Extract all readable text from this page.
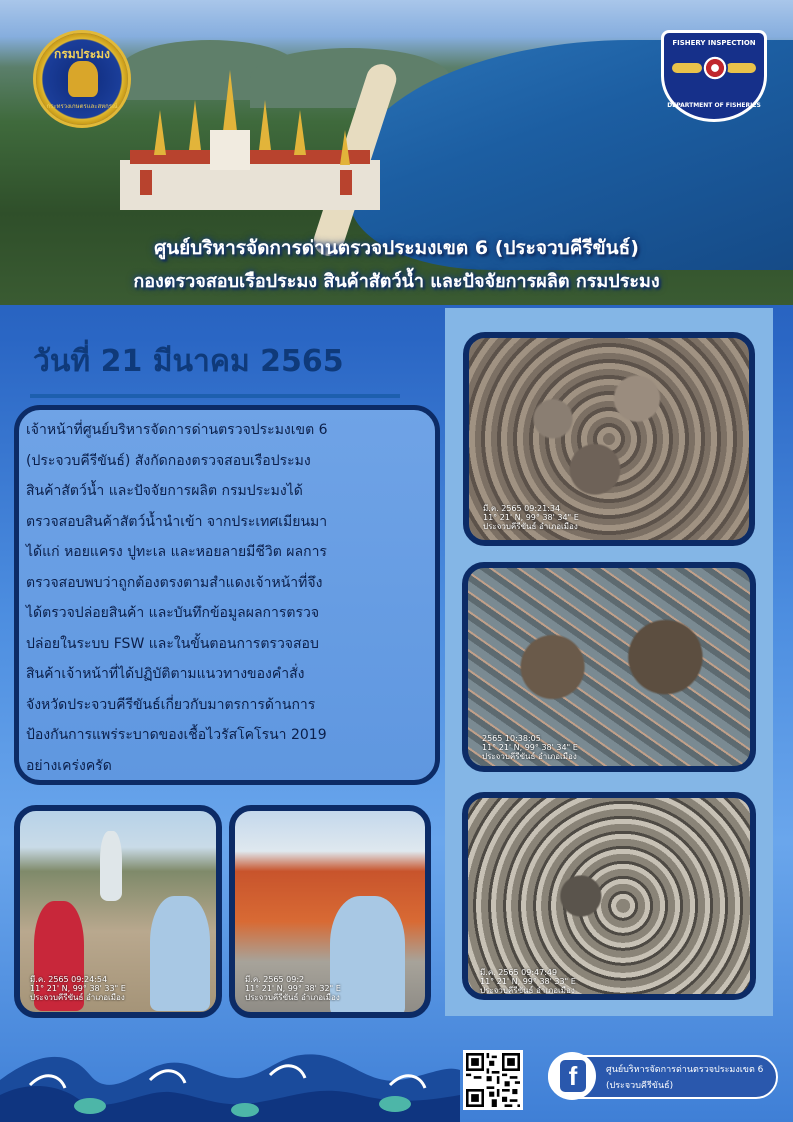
กรมประมง
กระทรวงเกษตรและสหกรณ์
FISHERY INSPECTION
DEPARTMENT OF FISHERIES
ศูนย์บริหารจัดการด่านตรวจประมงเขต 6 (ประจวบคีรีขันธ์)
กองตรวจสอบเรือประมง สินค้าสัตว์น้ำ และปัจจัยการผลิต กรมประมง
วันที่ 21 มีนาคม 2565
เจ้าหน้าที่ศูนย์บริหารจัดการด่านตรวจประมงเขต 6
(ประจวบคีรีขันธ์) สังกัดกองตรวจสอบเรือประมง
สินค้าสัตว์น้ำ และปัจจัยการผลิต กรมประมงได้
ตรวจสอบสินค้าสัตว์น้ำนำเข้า จากประเทศเมียนมา
ได้แก่ หอยแครง ปูทะเล และหอยลายมีชีวิต ผลการ
ตรวจสอบพบว่าถูกต้องตรงตามสำแดงเจ้าหน้าที่จึง
ได้ตรวจปล่อยสินค้า และบันทึกข้อมูลผลการตรวจ
ปล่อยในระบบ FSW และในขั้นตอนการตรวจสอบ
สินค้าเจ้าหน้าที่ได้ปฏิบัติตามแนวทางของคำสั่ง
จังหวัดประจวบคีรีขันธ์เกี่ยวกับมาตรการด้านการ
ป้องกันการแพร่ระบาดของเชื้อไวรัสโคโรนา 2019
อย่างเคร่งครัด
มี.ค. 2565 09:21:34
11° 21' N, 99° 38' 34" E
ประจวบคีรีขันธ์ อำเภอเมือง
2565 10:38:05
11° 21' N, 99° 38' 34" E
ประจวบคีรีขันธ์ อำเภอเมือง
มี.ค. 2565 09:47:49
11° 21' N, 99° 38' 33" E
ประจวบคีรีขันธ์ อำเภอเมือง
มี.ค. 2565 09:24:54
11° 21' N, 99° 38' 33" E
ประจวบคีรีขันธ์ อำเภอเมือง
มี.ค. 2565 09:2
11° 21' N, 99° 38' 32" E
ประจวบคีรีขันธ์ อำเภอเมือง
f	ศูนย์บริหารจัดการด่านตรวจประมงเขต 6
(ประจวบคีรีขันธ์)
